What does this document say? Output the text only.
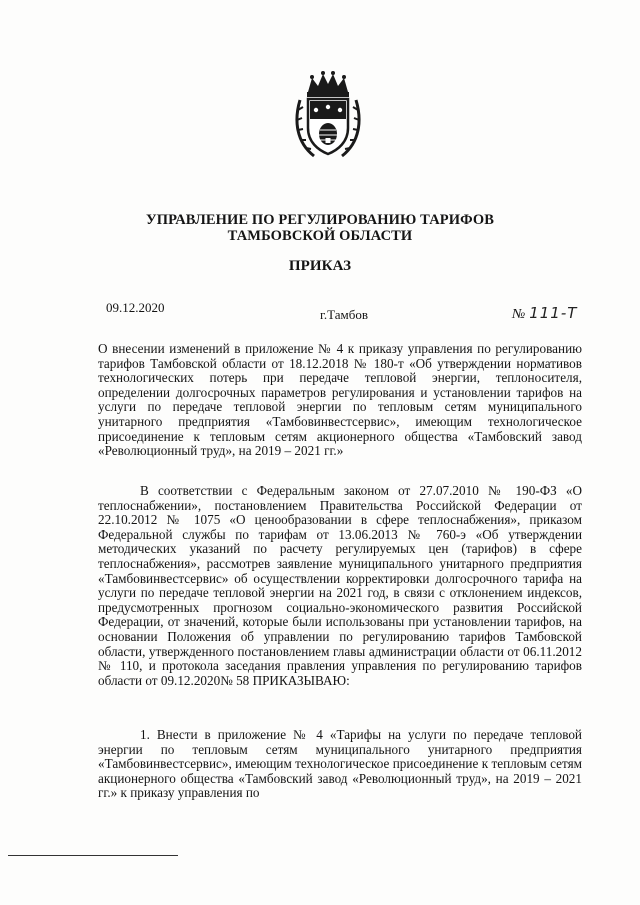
УПРАВЛЕНИЕ ПО РЕГУЛИРОВАНИЮ ТАРИФОВ
ТАМБОВСКОЙ ОБЛАСТИ
ПРИКАЗ
09.12.2020	г.Тамбов	№ 111-Т
О внесении изменений в приложение № 4 к приказу управления по регулированию тарифов Тамбовской области от 18.12.2018 № 180-т «Об утверждении нормативов технологических потерь при передаче тепловой энергии, теплоносителя, определении долгосрочных параметров регулирования и установлении тарифов на услуги по передаче тепловой энергии по тепловым сетям муниципального унитарного предприятия «Тамбовинвестсервис», имеющим технологическое присоединение к тепловым сетям акционерного общества «Тамбовский завод «Революционный труд», на 2019 – 2021 гг.»
В соответствии с Федеральным законом от 27.07.2010 № 190-ФЗ «О теплоснабжении», постановлением Правительства Российской Федерации от 22.10.2012 № 1075 «О ценообразовании в сфере теплоснабжения», приказом Федеральной службы по тарифам от 13.06.2013 № 760-э «Об утверждении методических указаний по расчету регулируемых цен (тарифов) в сфере теплоснабжения», рассмотрев заявление муниципального унитарного предприятия «Тамбовинвестсервис» об осуществлении корректировки долгосрочного тарифа на услуги по передаче тепловой энергии на 2021 год, в связи с отклонением индексов, предусмотренных прогнозом социально-экономического развития Российской Федерации, от значений, которые были использованы при установлении тарифов, на основании Положения об управлении по регулированию тарифов Тамбовской области, утвержденного постановлением главы администрации области от 06.11.2012 № 110, и протокола заседания правления управления по регулированию тарифов области от 09.12.2020№ 58 ПРИКАЗЫВАЮ:
1. Внести в приложение № 4 «Тарифы на услуги по передаче тепловой энергии по тепловым сетям муниципального унитарного предприятия «Тамбовинвестсервис», имеющим технологическое присоединение к тепловым сетям акционерного общества «Тамбовский завод «Революционный труд», на 2019 – 2021 гг.» к приказу управления по
